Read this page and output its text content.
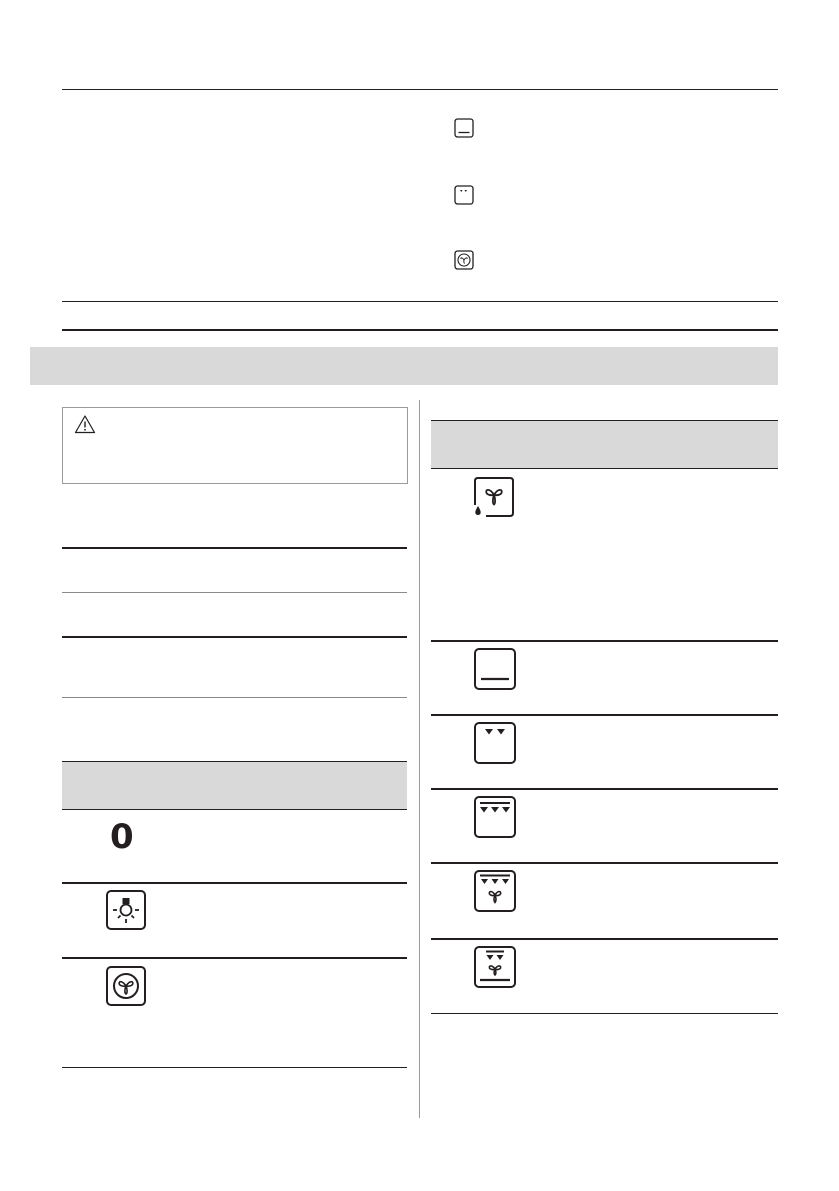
0
